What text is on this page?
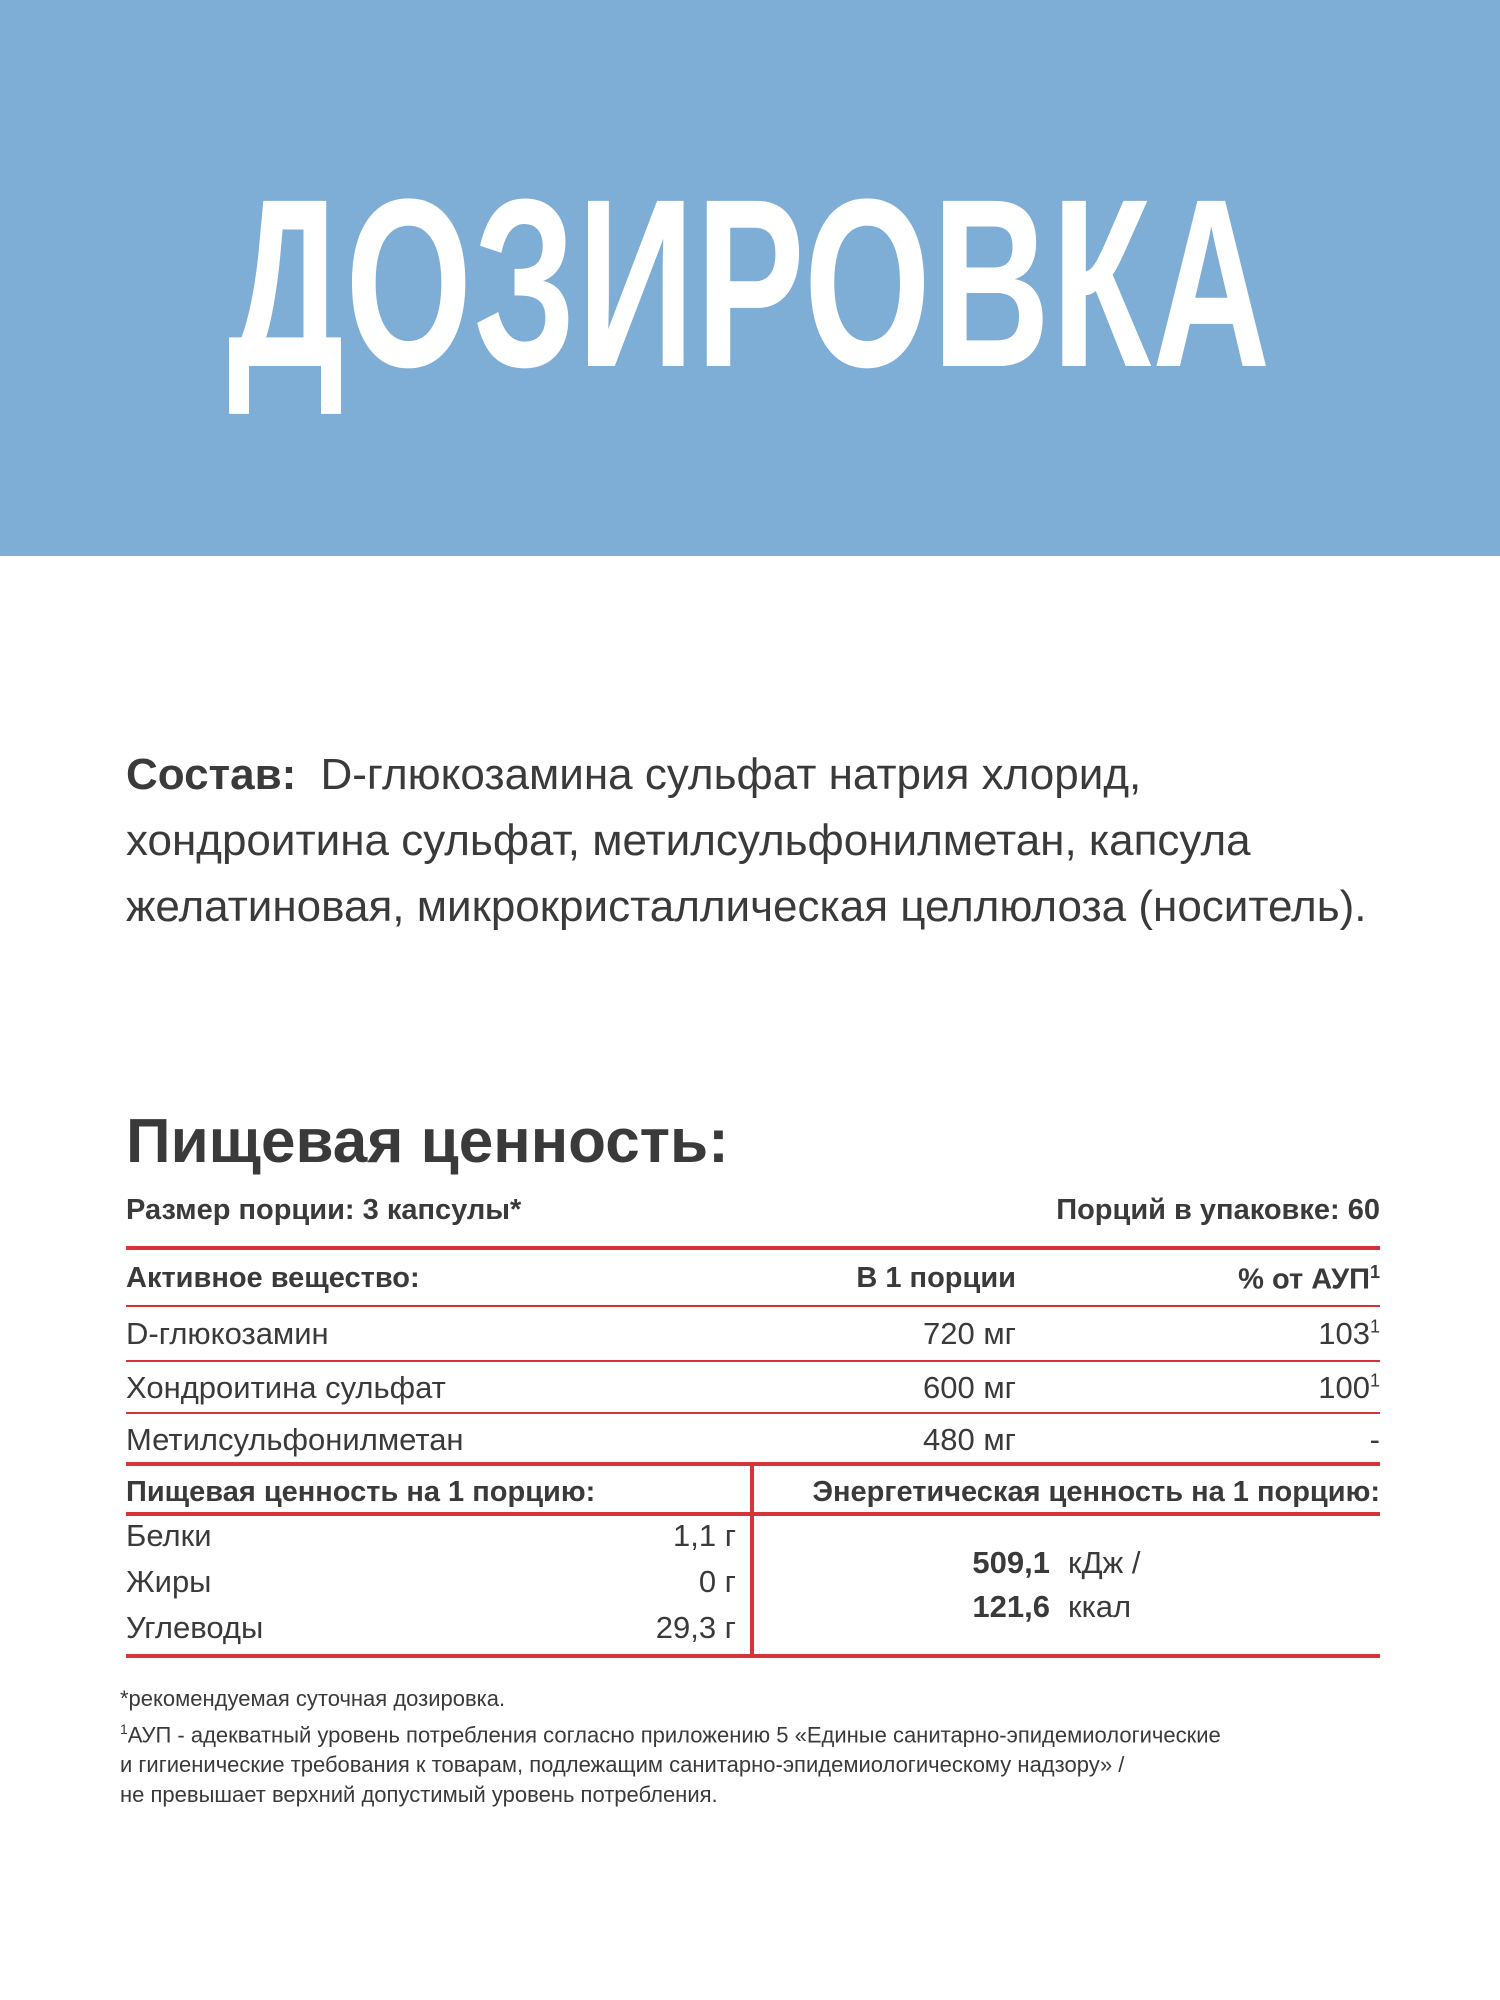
ДОЗИРОВКА
Состав: D-глюкозамина сульфат натрия хлорид, хондроитина сульфат, метилсульфонилметан, капсула желатиновая, микрокристаллическая целлюлоза (носитель).
Пищевая ценность:
Размер порции: 3 капсулы*	Порций в упаковке: 60
Активное вещество:	В 1 порции	% от АУП$^1$
D-глюкозамин	720 мг	$103^1$
Хондроитина сульфат	600 мг	$100^1$
Метилсульфонилметан	480 мг	-
Пищевая ценность на 1 порцию:	Энергетическая ценность на 1 порцию:
Белки	1,1 г
Жиры	0 г
Углеводы	29,3 г
509,1 кДж /
121,6 ккал
*рекомендуемая суточная дозировка.
$^1$АУП - адекватный уровень потребления согласно приложению 5 «Единые санитарно-эпидемиологические
и гигиенические требования к товарам, подлежащим санитарно-эпидемиологическому надзору» /
не превышает верхний допустимый уровень потребления.
